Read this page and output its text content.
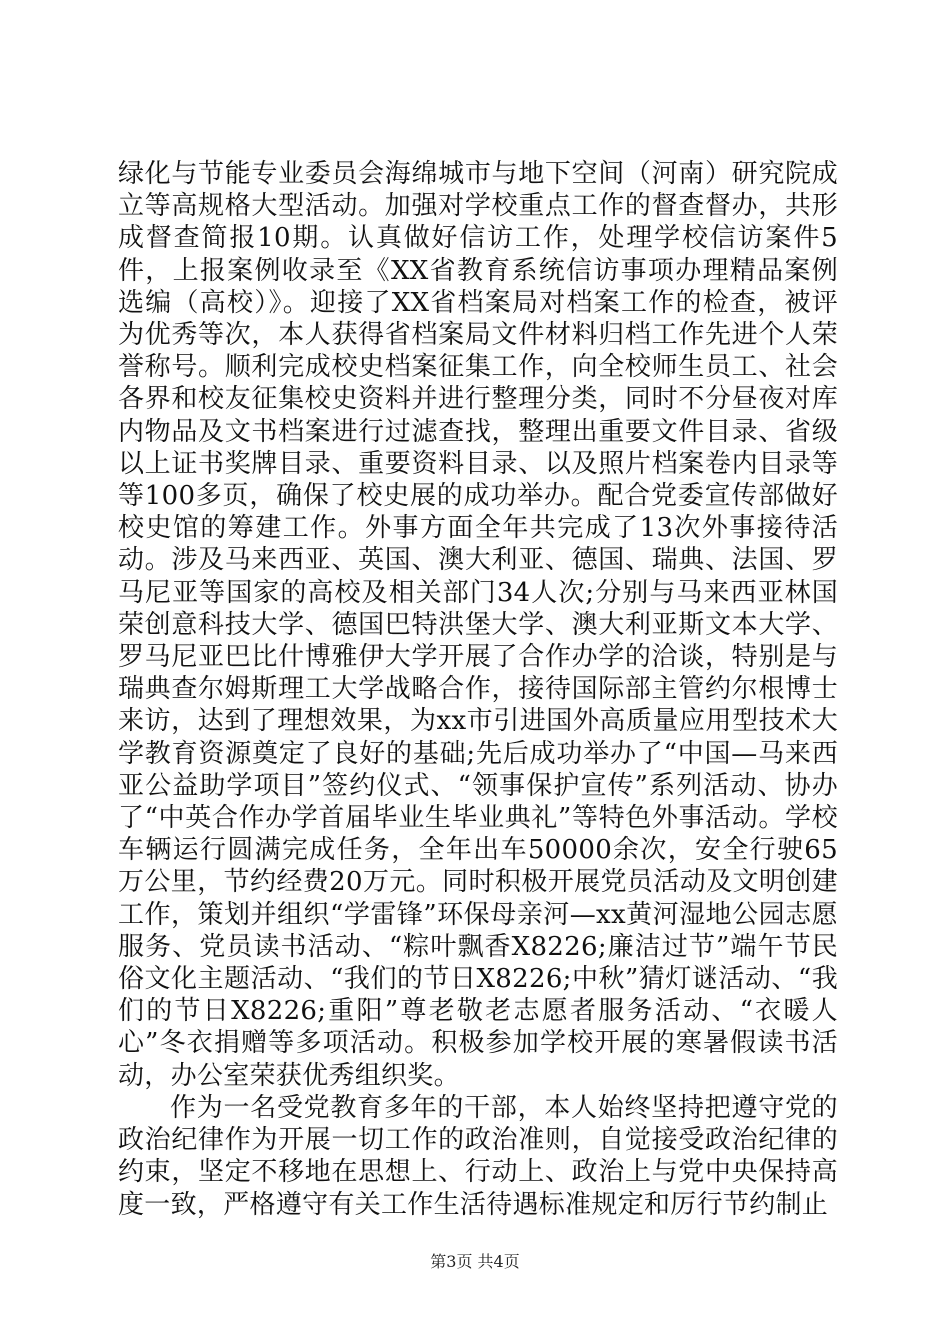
绿化与节能专业委员会海绵城市与地下空间（河南）研究院成立等高规格大型活动。加强对学校重点工作的督查督办，共形成督查简报10期。认真做好信访工作，处理学校信访案件5件，上报案例收录至《XX省教育系统信访事项办理精品案例选编（高校）》。迎接了XX省档案局对档案工作的检查，被评为优秀等次，本人获得省档案局文件材料归档工作先进个人荣誉称号。顺利完成校史档案征集工作，向全校师生员工、社会各界和校友征集校史资料并进行整理分类，同时不分昼夜对库内物品及文书档案进行过滤查找，整理出重要文件目录、省级以上证书奖牌目录、重要资料目录、以及照片档案卷内目录等等100多页，确保了校史展的成功举办。配合党委宣传部做好校史馆的筹建工作。外事方面全年共完成了13次外事接待活动。涉及马来西亚、英国、澳大利亚、德国、瑞典、法国、罗马尼亚等国家的高校及相关部门34人次;分别与马来西亚林国荣创意科技大学、德国巴特洪堡大学、澳大利亚斯文本大学、罗马尼亚巴比什博雅伊大学开展了合作办学的洽谈，特别是与瑞典查尔姆斯理工大学战略合作，接待国际部主管约尔根博士来访，达到了理想效果，为xx市引进国外高质量应用型技术大学教育资源奠定了良好的基础;先后成功举办了“中国—马来西亚公益助学项目”签约仪式、“领事保护宣传”系列活动、协办了“中英合作办学首届毕业生毕业典礼”等特色外事活动。学校车辆运行圆满完成任务，全年出车50000余次，安全行驶65万公里，节约经费20万元。同时积极开展党员活动及文明创建工作，策划并组织“学雷锋”环保母亲河—xx黄河湿地公园志愿服务、党员读书活动、“粽叶飘香X8226;廉洁过节”端午节民俗文化主题活动、“我们的节日X8226;中秋”猜灯谜活动、“我们的节日X8226;重阳”尊老敬老志愿者服务活动、“衣暖人心”冬衣捐赠等多项活动。积极参加学校开展的寒暑假读书活动，办公室荣获优秀组织奖。

作为一名受党教育多年的干部，本人始终坚持把遵守党的政治纪律作为开展一切工作的政治准则，自觉接受政治纪律的约束，坚定不移地在思想上、行动上、政治上与党中央保持高度一致，严格遵守有关工作生活待遇标准规定和厉行节约制止

第3页 共4页
